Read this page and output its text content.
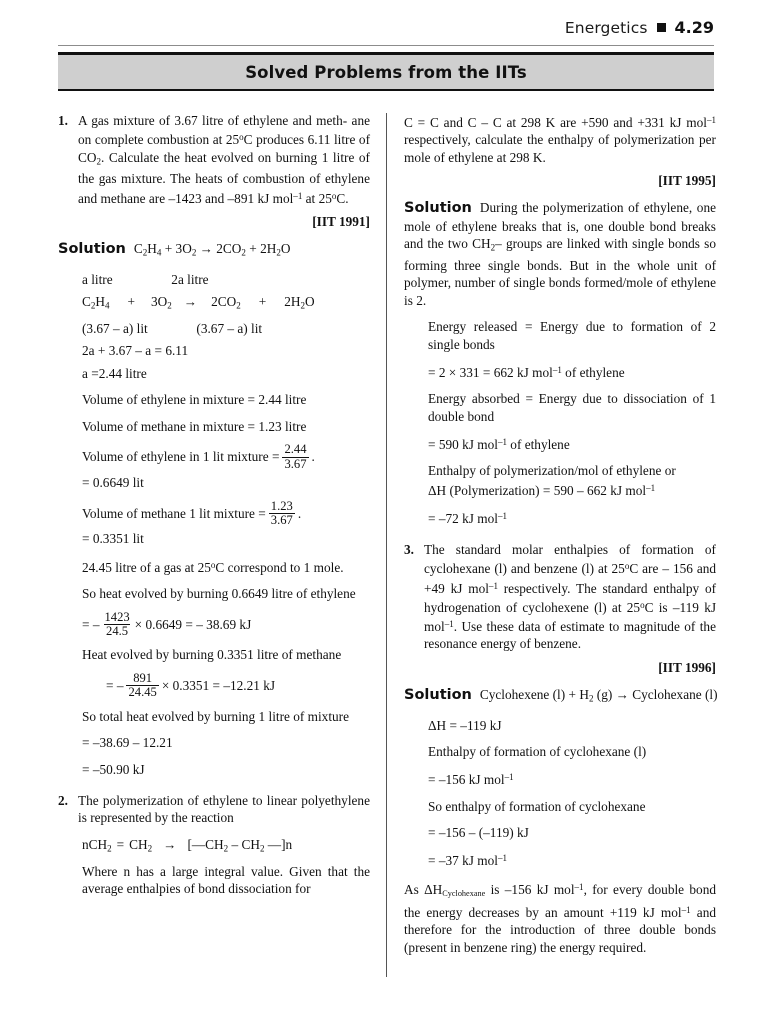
Energetics 4.29
Solved Problems from the IITs
1. A gas mixture of 3.67 litre of ethylene and meth- ane on complete combustion at 25$^o$C produces 6.11 litre of $CO_2$. Calculate the heat evolved on burning 1 litre of the gas mixture. The heats of combustion of ethylene and methane are –1423 and –891 kJ mol$^{-1}$ at 25$^o$C.
[IIT 1991]
Solution $C_2H_4 + 3O_2 \to 2CO_2 + 2H_2O$
a litre	2a litre
$C_2H_4 + 3O_2 \to 2CO_2 + 2H_2O$
(3.67 – a) lit	(3.67 – a) lit
2a + 3.67 – a = 6.11
a =2.44 litre
Volume of ethylene in mixture = 2.44 litre
Volume of methane in mixture = 1.23 litre
Volume of ethylene in 1 lit mixture = $\frac{2.44}{3.67}$ .
= 0.6649 lit
Volume of methane 1 lit mixture = $\frac{1.23}{3.67}$ .
= 0.3351 lit
24.45 litre of a gas at 25$^o$C correspond to 1 mole.
So heat evolved by burning 0.6649 litre of ethylene
= – $\frac{1423}{24.5} \times 0.6649$ = – 38.69 kJ
Heat evolved by burning 0.3351 litre of methane
= – $\frac{891}{24.45} \times 0.3351 = -12.21$ kJ
So total heat evolved by burning 1 litre of mixture
= –38.69 – 12.21
= –50.90 kJ
2. The polymerization of ethylene to linear polyethylene is represented by the reaction
$nCH_2 = CH_2$ → [$—CH_2 - CH_2$ —]n
Where n has a large integral value. Given that the average enthalpies of bond dissociation for
C = C and C – C at 298 K are +590 and +331 kJ mol$^{-1}$ respectively, calculate the enthalpy of polymerization per mole of ethylene at 298 K.
[IIT 1995]
Solution During the polymerization of ethylene, one mole of ethylene breaks that is, one double bond breaks and the two $CH_2-$ groups are linked with single bonds so forming three single bonds. But in the whole unit of polymer, number of single bonds formed/mole of ethylene is 2.
Energy released = Energy due to formation of 2 single bonds
= 2 × 331 = 662 kJ mol$^{-1}$ of ethylene
Energy absorbed = Energy due to dissociation of 1 double bond
= 590 kJ mol$^{-1}$ of ethylene
Enthalpy of polymerization/mol of ethylene or
ΔH (Polymerization) = 590 – 662 kJ mol$^{-1}$
= –72 kJ mol$^{-1}$
3. The standard molar enthalpies of formation of cyclohexane (l) and benzene (l) at 25$^o$C are – 156 and +49 kJ mol$^{-1}$ respectively. The standard enthalpy of hydrogenation of cyclohexene (l) at 25$^o$C is –119 kJ mol$^{-1}$. Use these data of estimate to magnitude of the resonance energy of benzene.
[IIT 1996]
Solution Cyclohexene $(l) + H_2$ (g) → Cyclohexane (l)
ΔH = –119 kJ
Enthalpy of formation of cyclohexane (l)
= –156 kJ mol$^{-1}$
So enthalpy of formation of cyclohexane
= –156 – (–119) kJ
= –37 kJ mol$^{-1}$
As $\Delta H_{Cyclohexane}$ is –156 kJ mol$^{-1}$, for every double bond the energy decreases by an amount +119 kJ mol$^{-1}$ and therefore for the introduction of three double bonds (present in benzene ring) the energy required.
